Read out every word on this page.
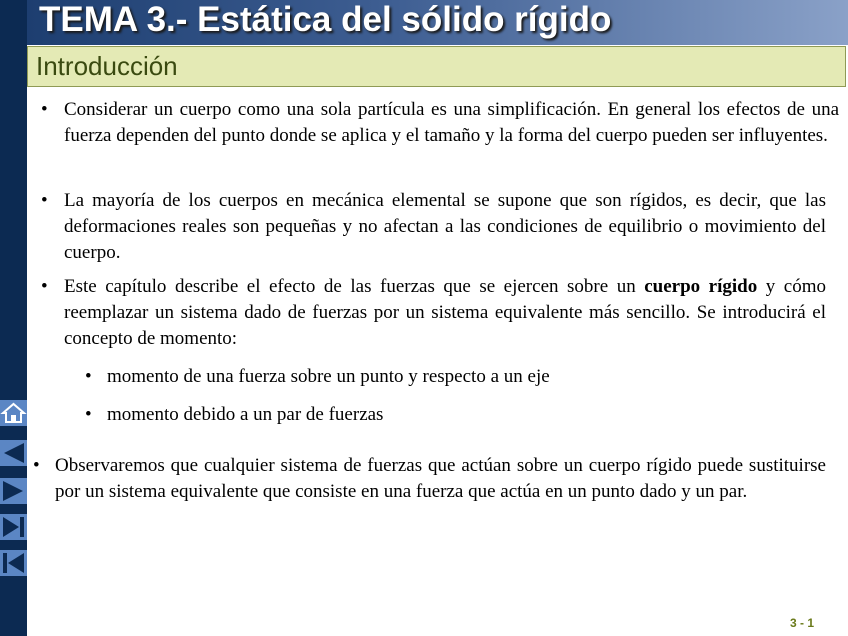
TEMA 3.- Estática del sólido rígido
Introducción
• Considerar un cuerpo como una sola partícula es una simplificación. En general los efectos de una fuerza dependen del punto donde se aplica y el tamaño y la forma del cuerpo pueden ser influyentes.
• La mayoría de los cuerpos en mecánica elemental se supone que son rígidos, es decir, que las deformaciones reales son pequeñas y no afectan a las condiciones de equilibrio o movimiento del cuerpo.
• Este capítulo describe el efecto de las fuerzas que se ejercen sobre un cuerpo rígido y cómo reemplazar un sistema dado de fuerzas por un sistema equivalente más sencillo. Se introducirá el concepto de momento:
• momento de una fuerza sobre un punto y respecto a un eje
• momento debido a un par de fuerzas
• Observaremos que cualquier sistema de fuerzas que actúan sobre un cuerpo rígido puede sustituirse por un sistema equivalente que consiste en una fuerza que actúa en un punto dado y un par.
3 - 1
